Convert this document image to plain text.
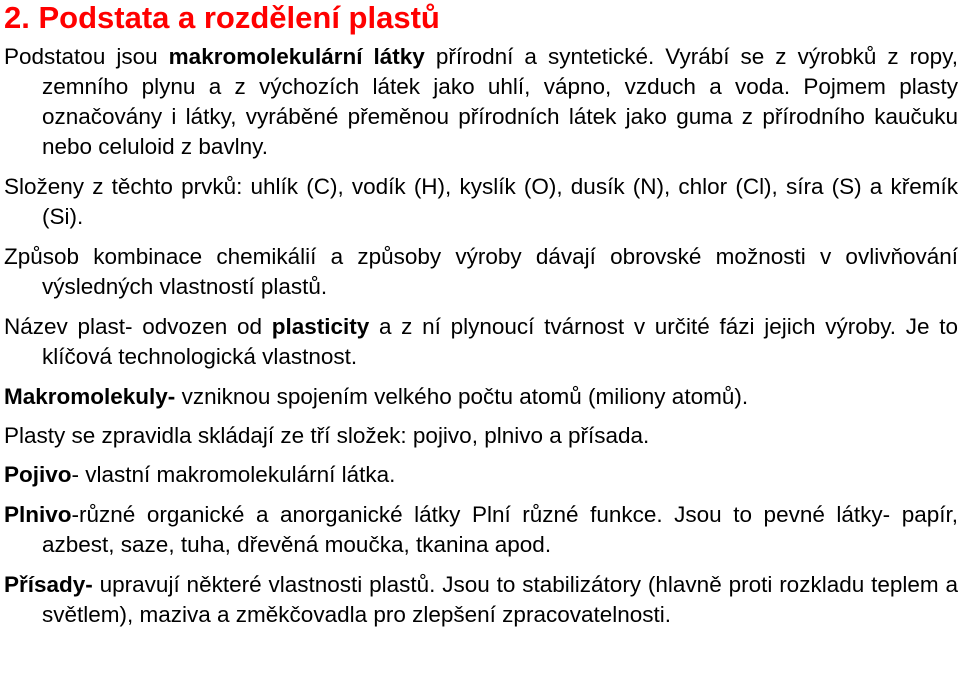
2. Podstata a rozdělení plastů

Podstatou jsou makromolekulární látky přírodní a syntetické. Vyrábí se z výrobků z ropy, zemního plynu a z výchozích látek jako uhlí, vápno, vzduch a voda. Pojmem plasty označovány i látky, vyráběné přeměnou přírodních látek jako guma z přírodního kaučuku nebo celuloid z bavlny.

Složeny z těchto prvků: uhlík (C), vodík (H), kyslík (O), dusík (N), chlor (Cl), síra (S) a křemík (Si).

Způsob kombinace chemikálií a způsoby výroby dávají obrovské možnosti v ovlivňování výsledných vlastností plastů.

Název plast- odvozen od plasticity a z ní plynoucí tvárnost v určité fázi jejich výroby. Je to klíčová technologická vlastnost.

Makromolekuly- vzniknou spojením velkého počtu atomů (miliony atomů).

Plasty se zpravidla skládají ze tří složek: pojivo, plnivo a přísada.

Pojivo- vlastní makromolekulární látka.

Plnivo-různé organické a anorganické látky Plní různé funkce. Jsou to pevné látky- papír, azbest, saze, tuha, dřevěná moučka, tkanina apod.

Přísady- upravují některé vlastnosti plastů. Jsou to stabilizátory (hlavně proti rozkladu teplem a světlem), maziva a změkčovadla pro zlepšení zpracovatelnosti.
